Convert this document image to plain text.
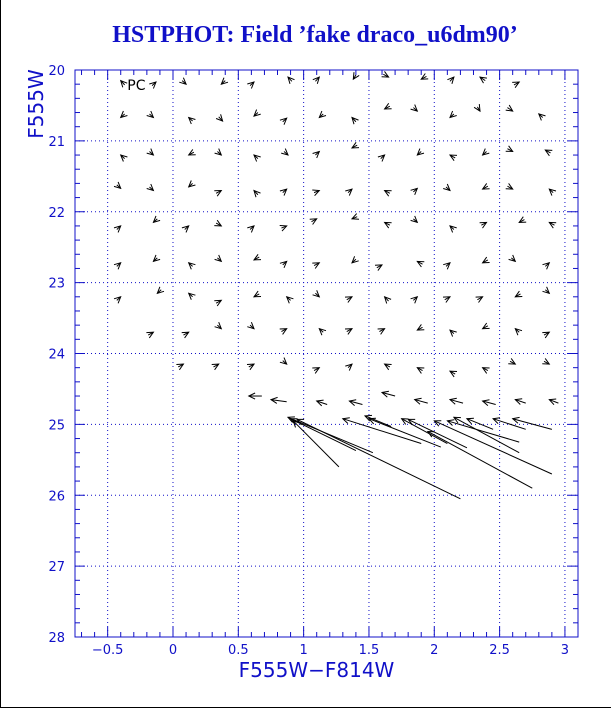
HSTPHOT: Field ’fake draco_u6dm90’
−0.5	0	0.5	1	1.5	2	2.5	3
20
21
22
23
24
25
26
27
28
F555W−F814W
F555W	PC
